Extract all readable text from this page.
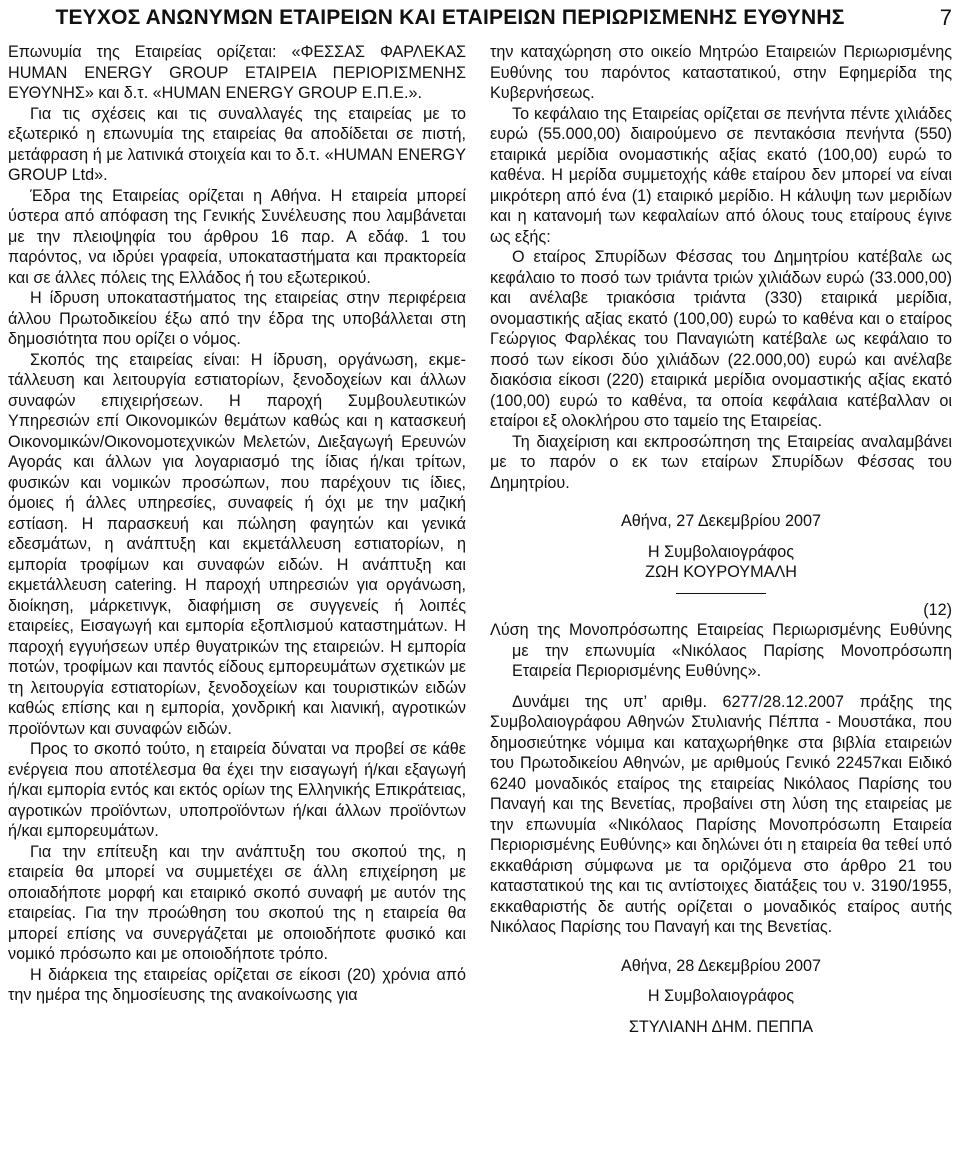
ΤΕΥΧΟΣ ΑΝΩΝΥΜΩΝ ΕΤΑΙΡΕΙΩΝ ΚΑΙ ΕΤΑΙΡΕΙΩΝ ΠΕΡΙΩΡΙΣΜΕΝΗΣ ΕΥΘΥΝΗΣ	7

Επωνυμία της Εταιρείας ορίζεται: «ΦΕΣΣΑΣ ΦΑΡΛΕΚΑΣ HUMAN ENERGY GROUP ΕΤΑΙΡΕΙΑ ΠΕΡΙΟΡΙΣΜΕΝΗΣ ΕΥΘΥΝΗΣ» και δ.τ. «HUMAN ENERGY GROUP Ε.Π.Ε.».

Για τις σχέσεις και τις συναλλαγές της εταιρείας με το εξωτερικό η επωνυμία της εταιρείας θα αποδίδεται σε πιστή, μετάφραση ή με λατινικά στοιχεία και το δ.τ. «HUMAN ENERGY GROUP Ltd».

Έδρα της Εταιρείας ορίζεται η Αθήνα. Η εταιρεία μπορεί ύστερα από απόφαση της Γενικής Συνέλευσης που λαμβάνεται με την πλειοψηφία του άρθρου 16 παρ. Α εδάφ. 1 του παρόντος, να ιδρύει γραφεία, υποκαταστήματα και πρακτορεία και σε άλλες πόλεις της Ελλάδος ή του εξωτερικού.

Η ίδρυση υποκαταστήματος της εταιρείας στην περιφέρεια άλλου Πρωτοδικείου έξω από την έδρα της υποβάλλεται στη δημοσιότητα που ορίζει ο νόμος.

Σκοπός της εταιρείας είναι: Η ίδρυση, οργάνωση, εκμετάλλευση και λειτουργία εστιατορίων, ξενοδοχείων και άλλων συναφών επιχειρήσεων. Η παροχή Συμβουλευτικών Υπηρεσιών επί Οικονομικών θεμάτων καθώς και η κατασκευή Οικονομικών/Οικονομοτεχνικών Μελετών, Διεξαγωγή Ερευνών Αγοράς και άλλων για λογαριασμό της ίδιας ή/και τρίτων, φυσικών και νομικών προσώπων, που παρέχουν τις ίδιες, όμοιες ή άλλες υπηρεσίες, συναφείς ή όχι με την μαζική εστίαση. Η παρασκευή και πώληση φαγητών και γενικά εδεσμάτων, η ανάπτυξη και εκμετάλλευση εστιατορίων, η εμπορία τροφίμων και συναφών ειδών. Η ανάπτυξη και εκμετάλλευση catering. Η παροχή υπηρεσιών για οργάνωση, διοίκηση, μάρκετινγκ, διαφήμιση σε συγγενείς ή λοιπές εταιρείες, Εισαγωγή και εμπορία εξοπλισμού καταστημάτων. Η παροχή εγγυήσεων υπέρ θυγατρικών της εταιρειών. Η εμπορία ποτών, τροφίμων και παντός είδους εμπορευμάτων σχετικών με τη λειτουργία εστιατορίων, ξενοδοχείων και τουριστικών ειδών καθώς επίσης και η εμπορία, χονδρική και λιανική, αγροτικών προϊόντων και συναφών ειδών.

Προς το σκοπό τούτο, η εταιρεία δύναται να προβεί σε κάθε ενέργεια που αποτέλεσμα θα έχει την εισαγωγή ή/και εξαγωγή ή/και εμπορία εντός και εκτός ορίων της Ελληνικής Επικράτειας, αγροτικών προϊόντων, υποπροϊόντων ή/και άλλων προϊόντων ή/και εμπορευμάτων.

Για την επίτευξη και την ανάπτυξη του σκοπού της, η εταιρεία θα μπορεί να συμμετέχει σε άλλη επιχείρηση με οποιαδήποτε μορφή και εταιρικό σκοπό συναφή με αυτόν της εταιρείας. Για την προώθηση του σκοπού της η εταιρεία θα μπορεί επίσης να συνεργάζεται με οποιοδήποτε φυσικό και νομικό πρόσωπο και με οποιοδήποτε τρόπο.

Η διάρκεια της εταιρείας ορίζεται σε είκοσι (20) χρόνια από την ημέρα της δημοσίευσης της ανακοίνωσης για

την καταχώρηση στο οικείο Μητρώο Εταιρειών Περιωρισμένης Ευθύνης του παρόντος καταστατικού, στην Εφημερίδα της Κυβερνήσεως.

Το κεφάλαιο της Εταιρείας ορίζεται σε πενήντα πέντε χιλιάδες ευρώ (55.000,00) διαιρούμενο σε πεντακόσια πενήντα (550) εταιρικά μερίδια ονομαστικής αξίας εκατό (100,00) ευρώ το καθένα. Η μερίδα συμμετοχής κάθε εταίρου δεν μπορεί να είναι μικρότερη από ένα (1) εταιρικό μερίδιο. Η κάλυψη των μεριδίων και η κατανομή των κεφαλαίων από όλους τους εταίρους έγινε ως εξής:

Ο εταίρος Σπυρίδων Φέσσας του Δημητρίου κατέβαλε ως κεφάλαιο το ποσό των τριάντα τριών χιλιάδων ευρώ (33.000,00) και ανέλαβε τριακόσια τριάντα (330) εταιρικά μερίδια, ονομαστικής αξίας εκατό (100,00) ευρώ το καθένα και ο εταίρος Γεώργιος Φαρλέκας του Παναγιώτη κατέβαλε ως κεφάλαιο το ποσό των είκοσι δύο χιλιάδων (22.000,00) ευρώ και ανέλαβε διακόσια είκοσι (220) εταιρικά μερίδια ονομαστικής αξίας εκατό (100,00) ευρώ το καθένα, τα οποία κεφάλαια κατέβαλλαν οι εταίροι εξ ολοκλήρου στο ταμείο της Εταιρείας.

Τη διαχείριση και εκπροσώπηση της Εταιρείας αναλαμβάνει με το παρόν ο εκ των εταίρων Σπυρίδων Φέσσας του Δημητρίου.

Αθήνα, 27 Δεκεμβρίου 2007

Η Συμβολαιογράφος

ΖΩΗ ΚΟΥΡΟΥΜΑΛΗ

(12)

Λύση της Μονοπρόσωπης Εταιρείας Περιωρισμένης Ευθύνης με την επωνυμία «Νικόλαος Παρίσης Μονοπρόσωπη Εταιρεία Περιορισμένης Ευθύνης».

Δυνάμει της υπ’ αριθμ. 6277/28.12.2007 πράξης της Συμβολαιογράφου Αθηνών Στυλιανής Πέππα - Μουστάκα, που δημοσιεύτηκε νόμιμα και καταχωρήθηκε στα βιβλία εταιρειών του Πρωτοδικείου Αθηνών, με αριθμούς Γενικό 22457και Ειδικό 6240 μοναδικός εταίρος της εταιρείας Νικόλαος Παρίσης του Παναγή και της Βενετίας, προβαίνει στη λύση της εταιρείας με την επωνυμία «Νικόλαος Παρίσης Μονοπρόσωπη Εταιρεία Περιορισμένης Ευθύνης» και δηλώνει ότι η εταιρεία θα τεθεί υπό εκκαθάριση σύμφωνα με τα οριζόμενα στο άρθρο 21 του καταστατικού της και τις αντίστοιχες διατάξεις του ν. 3190/1955, εκκαθαριστής δε αυτής ορίζεται ο μοναδικός εταίρος αυτής Νικόλαος Παρίσης του Παναγή και της Βενετίας.

Αθήνα, 28 Δεκεμβρίου 2007

Η Συμβολαιογράφος

ΣΤΥΛΙΑΝΗ ΔΗΜ. ΠΕΠΠΑ
